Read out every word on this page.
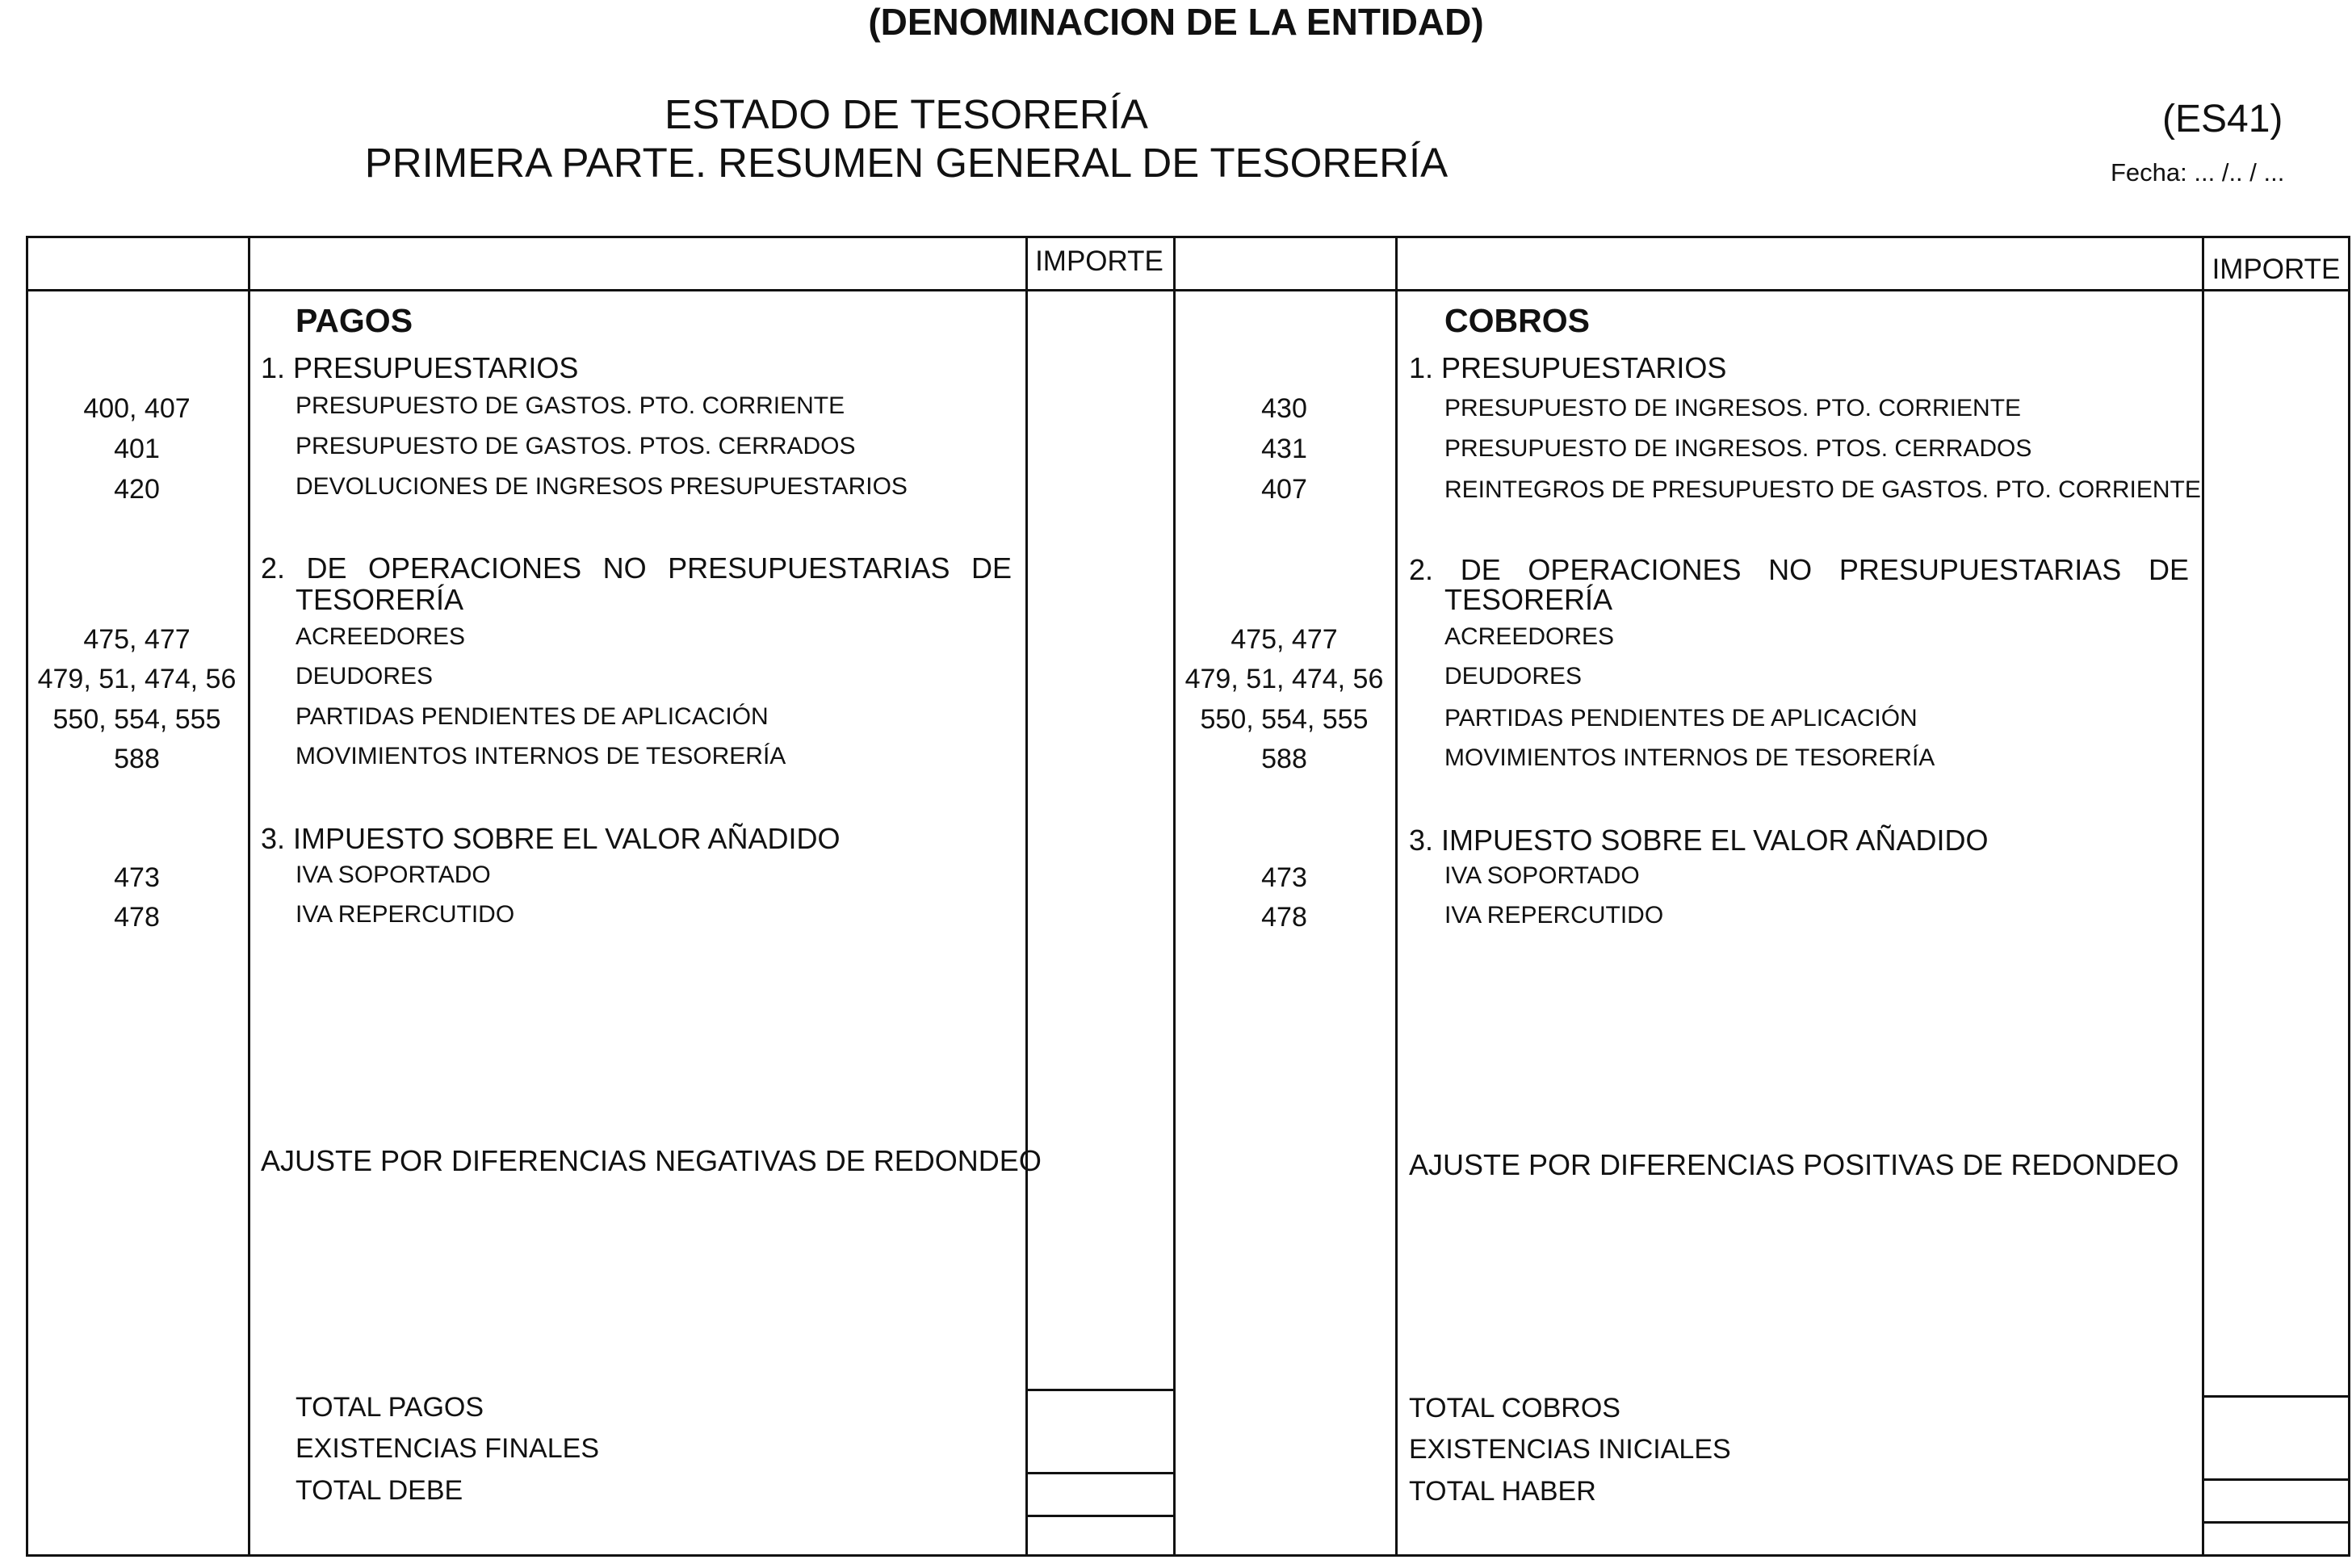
(DENOMINACION DE LA ENTIDAD)
ESTADO DE TESORERÍA
PRIMERA PARTE. RESUMEN GENERAL DE TESORERÍA
(ES41)
Fecha: ... /.. / ...
IMPORTE	IMPORTE
PAGOS
1. PRESUPUESTARIOS
400, 407	PRESUPUESTO DE GASTOS. PTO. CORRIENTE
401	PRESUPUESTO DE GASTOS. PTOS. CERRADOS
420	DEVOLUCIONES DE INGRESOS PRESUPUESTARIOS
2. DE OPERACIONES NO PRESUPUESTARIAS DE
TESORERÍA
475, 477	ACREEDORES
479, 51, 474, 56	DEUDORES
550, 554, 555	PARTIDAS PENDIENTES DE APLICACIÓN
588	MOVIMIENTOS INTERNOS DE TESORERÍA
3. IMPUESTO SOBRE EL VALOR AÑADIDO
473	IVA SOPORTADO
478	IVA REPERCUTIDO
AJUSTE POR DIFERENCIAS NEGATIVAS DE REDONDEO
TOTAL PAGOS
EXISTENCIAS FINALES
TOTAL DEBE
COBROS
1. PRESUPUESTARIOS
430	PRESUPUESTO DE INGRESOS. PTO. CORRIENTE
431	PRESUPUESTO DE INGRESOS. PTOS. CERRADOS
407	REINTEGROS DE PRESUPUESTO DE GASTOS. PTO. CORRIENTE
2. DE OPERACIONES NO PRESUPUESTARIAS DE
TESORERÍA
475, 477	ACREEDORES
479, 51, 474, 56	DEUDORES
550, 554, 555	PARTIDAS PENDIENTES DE APLICACIÓN
588	MOVIMIENTOS INTERNOS DE TESORERÍA
3. IMPUESTO SOBRE EL VALOR AÑADIDO
473	IVA SOPORTADO
478	IVA REPERCUTIDO
AJUSTE POR DIFERENCIAS POSITIVAS DE REDONDEO
TOTAL COBROS
EXISTENCIAS INICIALES
TOTAL HABER
